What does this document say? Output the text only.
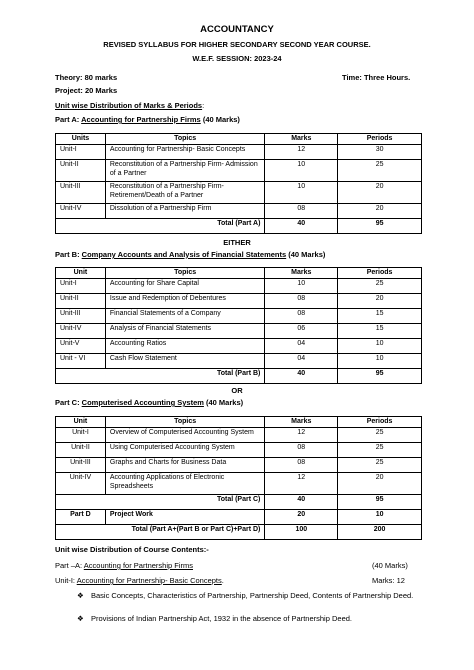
ACCOUNTANCY
REVISED SYLLABUS FOR HIGHER SECONDARY SECOND YEAR COURSE.
W.E.F. SESSION: 2023-24
Theory: 80 marks	Time: Three Hours.
Project: 20 Marks
Unit wise Distribution of Marks & Periods:
Part A: Accounting for Partnership Firms (40 Marks)
Units	Topics	Marks	Periods
Unit-I	Accounting for Partnership- Basic Concepts	12	30
Unit-II	Reconstitution of a Partnership Firm- Admission of a Partner	10	25
Unit-III	Reconstitution of a Partnership Firm- Retirement/Death of a Partner	10	20
Unit-IV	Dissolution of a Partnership Firm	08	20
Total (Part A)		40	95
EITHER
Part B: Company Accounts and Analysis of Financial Statements (40 Marks)
Unit	Topics	Marks	Periods
Unit-I	Accounting for Share Capital	10	25
Unit-II	Issue and Redemption of Debentures	08	20
Unit-III	Financial Statements of a Company	08	15
Unit-IV	Analysis of Financial Statements	06	15
Unit-V	Accounting Ratios	04	10
Unit - VI	Cash Flow Statement	04	10
Total (Part B)		40	95
OR
Part C: Computerised Accounting System (40 Marks)
Unit	Topics	Marks	Periods
Unit-I	Overview of Computerised Accounting System	12	25
Unit-II	Using Computerised Accounting System	08	25
Unit-III	Graphs and Charts for Business Data	08	25
Unit-IV	Accounting Applications of Electronic Spreadsheets	12	20
Total (Part C)		40	95
Part D	Project Work	20	10
Total (Part A+(Part B or Part C)+Part D)		100	200
Unit wise Distribution of Course Contents:-
Part –A: Accounting for Partnership Firms	(40 Marks)
Unit-I: Accounting for Partnership- Basic Concepts.	Marks: 12
❖ Basic Concepts, Characteristics of Partnership, Partnership Deed, Contents of Partnership Deed.
❖ Provisions of Indian Partnership Act, 1932 in the absence of Partnership Deed.
